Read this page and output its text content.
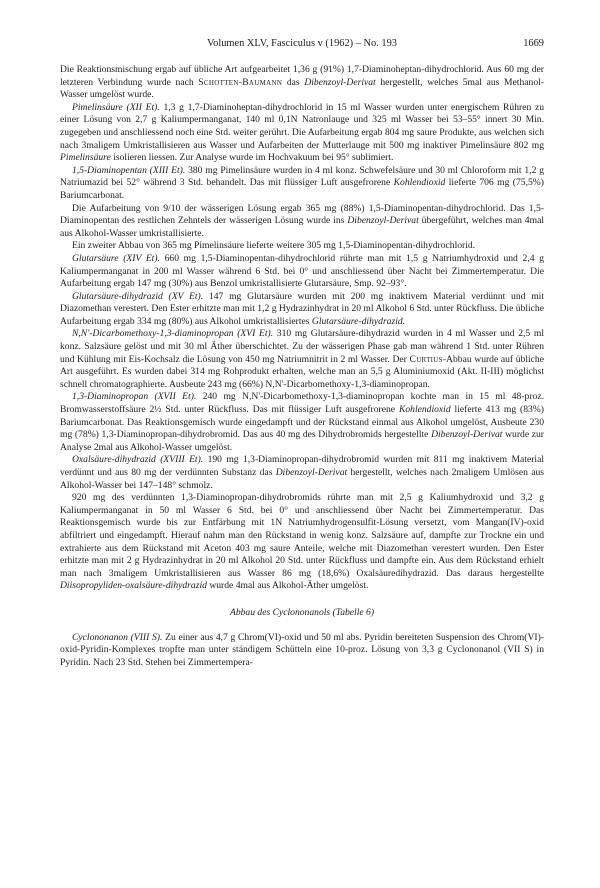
Volumen XLV, Fasciculus v (1962) – No. 193	1669

Die Reaktionsmischung ergab auf übliche Art aufgearbeitet 1,36 g (91%) 1,7-Diaminoheptan-dihydrochlorid. Aus 60 mg der letzteren Verbindung wurde nach Schotten-Baumann das Dibenzoyl-Derivat hergestellt, welches 5mal aus Methanol-Wasser umgelöst wurde.

Pimelinsäure (XII Et). 1,3 g 1,7-Diaminoheptan-dihydrochlorid in 15 ml Wasser wurden unter energischem Rühren zu einer Lösung von 2,7 g Kaliumpermanganat, 140 ml 0,1N Natronlauge und 325 ml Wasser bei 53–55° innert 30 Min. zugegeben und anschliessend noch eine Std. weiter gerührt. Die Aufarbeitung ergab 804 mg saure Produkte, aus welchen sich nach 3maligem Umkristallisieren aus Wasser und Aufarbeiten der Mutterlauge mit 500 mg inaktiver Pimelinsäure 802 mg Pimelinsäure isolieren liessen. Zur Analyse wurde im Hochvakuum bei 95° sublimiert.

1,5-Diaminopentan (XIII Et). 380 mg Pimelinsäure wurden in 4 ml konz. Schwefelsäure und 30 ml Chloroform mit 1,2 g Natriumazid bei 52° während 3 Std. behandelt. Das mit flüssiger Luft ausgefrorene Kohlendioxid lieferte 706 mg (75,5%) Bariumcarbonat.

Die Aufarbeitung von 9/10 der wässerigen Lösung ergab 365 mg (88%) 1,5-Diaminopentan-dihydrochlorid. Das 1,5-Diaminopentan des restlichen Zehntels der wässerigen Lösung wurde ins Dibenzoyl-Derivat übergeführt, welches man 4mal aus Alkohol-Wasser umkristallisierte.

Ein zweiter Abbau von 365 mg Pimelinsäure lieferte weitere 305 mg 1,5-Diaminopentan-dihydrochlorid.

Glutarsäure (XIV Et). 660 mg 1,5-Diaminopentan-dihydrochlorid rührte man mit 1,5 g Natriumhydroxid und 2,4 g Kaliumpermanganat in 200 ml Wasser während 6 Std. bei 0° und anschliessend über Nacht bei Zimmertemperatur. Die Aufarbeitung ergab 147 mg (30%) aus Benzol umkristallisierte Glutarsäure, Smp. 92–93°.

Glutarsäure-dihydrazid (XV Et). 147 mg Glutarsäure wurden mit 200 mg inaktivem Material verdünnt und mit Diazomethan verestert. Den Ester erhitzte man mit 1,2 g Hydrazinhydrat in 20 ml Alkohol 6 Std. unter Rückfluss. Die übliche Aufarbeitung ergab 334 mg (80%) aus Alkohol umkristallisiertes Glutarsäure-dihydrazid.

N,N'-Dicarbomethoxy-1,3-diaminopropan (XVI Et). 310 mg Glutarsäure-dihydrazid wurden in 4 ml Wasser und 2,5 ml konz. Salzsäure gelöst und mit 30 ml Äther überschichtet. Zu der wässerigen Phase gab man während 1 Std. unter Rühren und Kühlung mit Eis-Kochsalz die Lösung von 450 mg Natriumnitrit in 2 ml Wasser. Der Curtius-Abbau wurde auf übliche Art ausgeführt. Es wurden dabei 314 mg Rohprodukt erhalten, welche man an 5,5 g Aluminiumoxid (Akt. II-III) möglichst schnell chromatographierte. Ausbeute 243 mg (66%) N,N'-Dicarbomethoxy-1,3-diaminopropan.

1,3-Diaminopropan (XVII Et). 240 mg N,N'-Dicarbomethoxy-1,3-diaminopropan kochte man in 15 ml 48-proz. Bromwasserstoffsäure 2½ Std. unter Rückfluss. Das mit flüssiger Luft ausgefrorene Kohlendioxid lieferte 413 mg (83%) Bariumcarbonat. Das Reaktionsgemisch wurde eingedampft und der Rückstand einmal aus Alkohol umgelöst, Ausbeute 230 mg (78%) 1,3-Diaminopropan-dihydrobromid. Das aus 40 mg des Dihydrobromids hergestellte Dibenzoyl-Derivat wurde zur Analyse 2mal aus Alkohol-Wasser umgelöst.

Oxalsäure-dihydrazid (XVIII Et). 190 mg 1,3-Diaminopropan-dihydrobromid wurden mit 811 mg inaktivem Material verdünnt und aus 80 mg der verdünnten Substanz das Dibenzoyl-Derivat hergestellt, welches nach 2maligem Umlösen aus Alkohol-Wasser bei 147–148° schmolz.

920 mg des verdünnten 1,3-Diaminopropan-dihydrobromids rührte man mit 2,5 g Kaliumhydroxid und 3,2 g Kaliumpermanganat in 50 ml Wasser 6 Std. bei 0° und anschliessend über Nacht bei Zimmertemperatur. Das Reaktionsgemisch wurde bis zur Entfärbung mit 1N Natriumhydrogensulfit-Lösung versetzt, vom Mangan(IV)-oxid abfiltriert und eingedampft. Hierauf nahm man den Rückstand in wenig konz. Salzsäure auf, dampfte zur Trockne ein und extrahierte aus dem Rückstand mit Aceton 403 mg saure Anteile, welche mit Diazomethan verestert wurden. Den Ester erhitzte man mit 2 g Hydrazinhydrat in 20 ml Alkohol 20 Std. unter Rückfluss und dampfte ein. Aus dem Rückstand erhielt man nach 3maligem Umkristallisieren aus Wasser 86 mg (18,6%) Oxalsäuredihydrazid. Das daraus hergestellte Diisopropyliden-oxalsäure-dihydrazid wurde 4mal aus Alkohol-Äther umgelöst.

Abbau des Cyclononanols (Tabelle 6)

Cyclononanon (VIII S). Zu einer aus 4,7 g Chrom(VI)-oxid und 50 ml abs. Pyridin bereiteten Suspension des Chrom(VI)-oxid-Pyridin-Komplexes tropfte man unter ständigem Schütteln eine 10-proz. Lösung von 3,3 g Cyclononanol (VII S) in Pyridin. Nach 23 Std. Stehen bei Zimmertempera-
